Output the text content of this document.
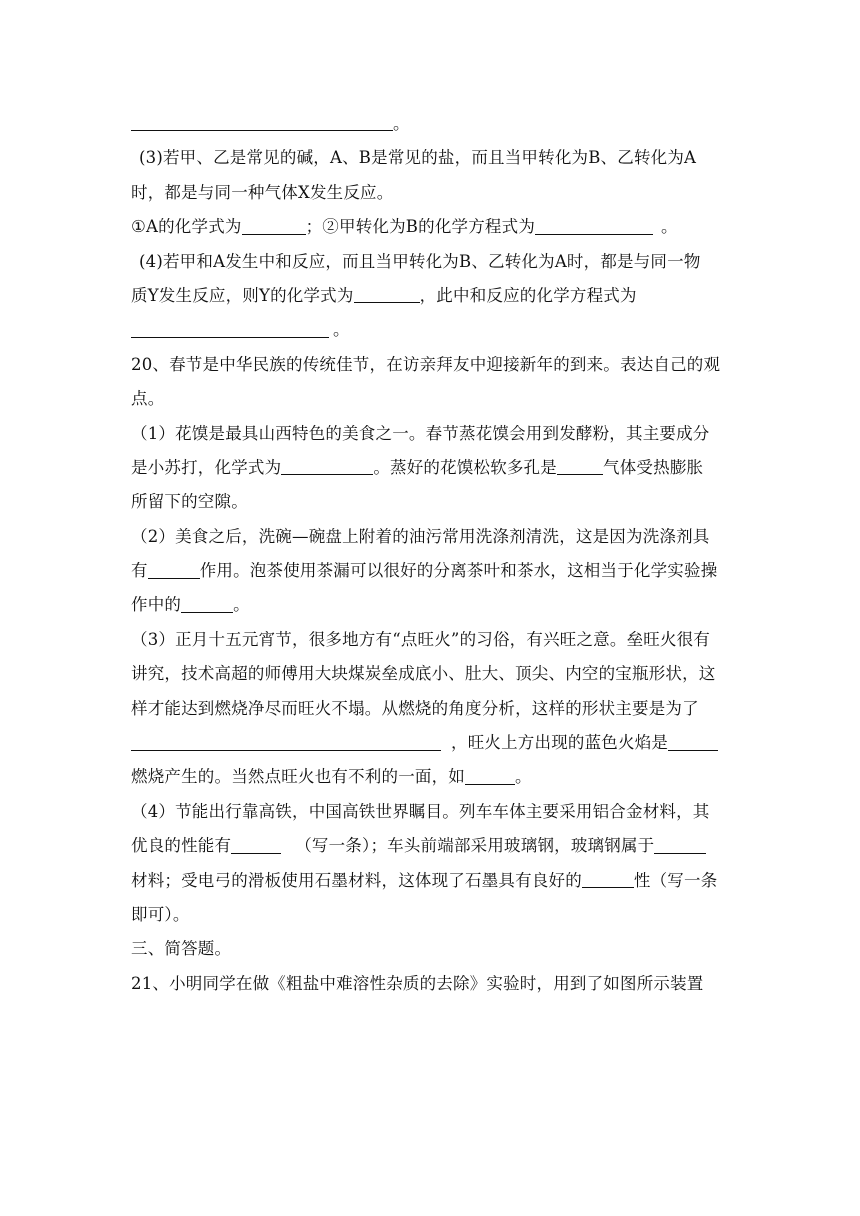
。
(3)若甲、乙是常见的碱，A、B是常见的盐，而且当甲转化为B、乙转化为A
时，都是与同一种气体X发生反应。
①A的化学式为	；②甲转化为B的化学方程式为	。
(4)若甲和A发生中和反应，而且当甲转化为B、乙转化为A时，都是与同一物
质Y发生反应，则Y的化学式为	，此中和反应的化学方程式为
。
20、春节是中华民族的传统佳节，在访亲拜友中迎接新年的到来。表达自己的观
点。
（1）花馍是最具山西特色的美食之一。春节蒸花馍会用到发酵粉，其主要成分
是小苏打，化学式为	。蒸好的花馍松软多孔是	气体受热膨胀
所留下的空隙。
（2）美食之后，洗碗—碗盘上附着的油污常用洗涤剂清洗，这是因为洗涤剂具
有	作用。泡茶使用茶漏可以很好的分离茶叶和茶水，这相当于化学实验操
作中的	。
（3）正月十五元宵节，很多地方有“点旺火”的习俗，有兴旺之意。垒旺火很有
讲究，技术高超的师傅用大块煤炭垒成底小、肚大、顶尖、内空的宝瓶形状，这
样才能达到燃烧净尽而旺火不塌。从燃烧的角度分析，这样的形状主要是为了
，旺火上方出现的蓝色火焰是
燃烧产生的。当然点旺火也有不利的一面，如	。
（4）节能出行靠高铁，中国高铁世界瞩目。列车车体主要采用铝合金材料，其
优良的性能有	（写一条）；车头前端部采用玻璃钢，玻璃钢属于
材料；受电弓的滑板使用石墨材料，这体现了石墨具有良好的	性（写一条
即可）。
三、简答题。
21、小明同学在做《粗盐中难溶性杂质的去除》实验时，用到了如图所示装置
